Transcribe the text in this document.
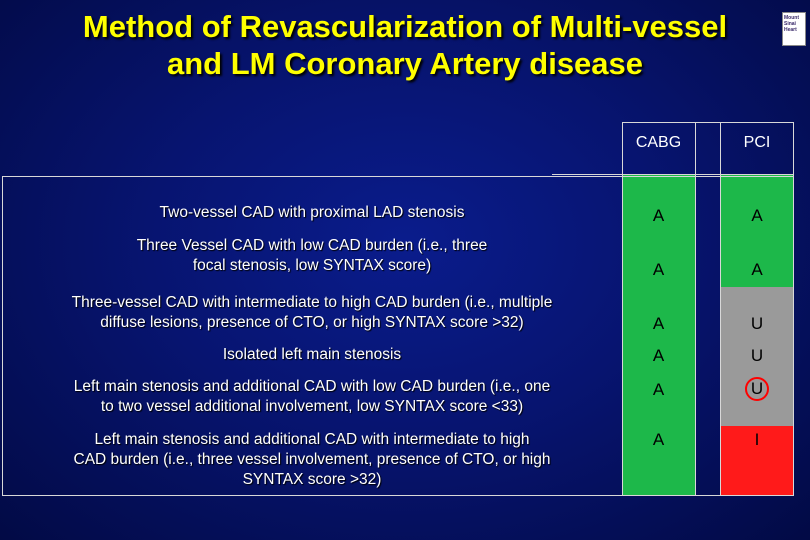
Method of Revascularization of Multi-vessel
and LM Coronary Artery disease
Mount
Sinai
Heart
CABG	PCI
Two-vessel CAD with proximal LAD stenosis	A	A
Three Vessel CAD with low CAD burden (i.e., three
focal stenosis, low SYNTAX score)	A	A
Three-vessel CAD with intermediate to high CAD burden (i.e., multiple
diffuse lesions, presence of CTO, or high SYNTAX score >32)	A	U
Isolated left main stenosis	A	U
Left main stenosis and additional CAD with low CAD burden (i.e., one
to two vessel additional involvement, low SYNTAX score <33)
A	U
Left main stenosis and additional CAD with intermediate to high
CAD burden (i.e., three vessel involvement, presence of CTO, or high
SYNTAX score >32)
A	I
